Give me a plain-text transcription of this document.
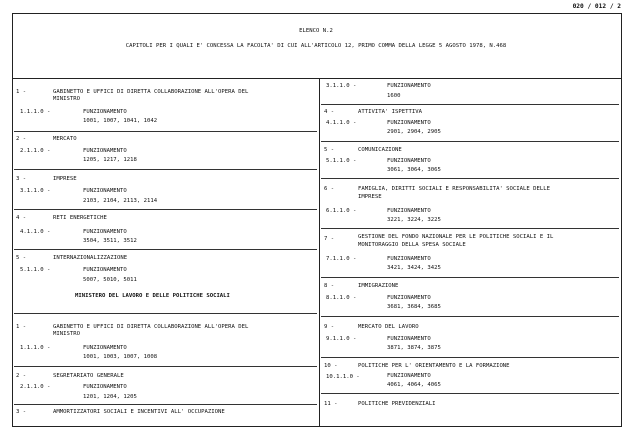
020 / 012 / 2
ELENCO N.2
CAPITOLI PER I QUALI E' CONCESSA LA FACOLTA' DI CUI ALL'ARTICOLO 12, PRIMO COMMA DELLA LEGGE 5 AGOSTO 1978, N.468
1 -	GABINETTO E UFFICI DI DIRETTA COLLABORAZIONE ALL'OPERA DEL
MINISTRO
1.1.1.0 -	FUNZIONAMENTO
1001, 1007, 1041, 1042
2 -	MERCATO
2.1.1.0 -	FUNZIONAMENTO
1205, 1217, 1218
3 -	IMPRESE
3.1.1.0 -	FUNZIONAMENTO
2103, 2104, 2113, 2114
4 -	RETI ENERGETICHE
4.1.1.0 -	FUNZIONAMENTO
3504, 3511, 3512
5 -	INTERNAZIONALIZZAZIONE
5.1.1.0 -	FUNZIONAMENTO
5007, 5010, 5011
MINISTERO DEL LAVORO E DELLE POLITICHE SOCIALI
1 -	GABINETTO E UFFICI DI DIRETTA COLLABORAZIONE ALL'OPERA DEL
MINISTRO
1.1.1.0 -	FUNZIONAMENTO
1001, 1003, 1007, 1008
2 -	SEGRETARIATO GENERALE
2.1.1.0 -	FUNZIONAMENTO
1201, 1204, 1205
3 -	AMMORTIZZATORI SOCIALI E INCENTIVI ALL' OCCUPAZIONE
3.1.1.0 -	FUNZIONAMENTO
1600
4 -	ATTIVITA' ISPETTIVA
4.1.1.0 -	FUNZIONAMENTO
2901, 2904, 2905
5 -	COMUNICAZIONE
5.1.1.0 -	FUNZIONAMENTO
3061, 3064, 3065
6 -	FAMIGLIA, DIRITTI SOCIALI E RESPONSABILITA' SOCIALE DELLE
IMPRESE
6.1.1.0 -	FUNZIONAMENTO
3221, 3224, 3225
7 -	GESTIONE DEL FONDO NAZIONALE PER LE POLITICHE SOCIALI E IL
MONITORAGGIO DELLA SPESA SOCIALE
7.1.1.0 -	FUNZIONAMENTO
3421, 3424, 3425
8 -	IMMIGRAZIONE
8.1.1.0 -	FUNZIONAMENTO
3681, 3684, 3685
9 -	MERCATO DEL LAVORO
9.1.1.0 -	FUNZIONAMENTO
3871, 3874, 3875
10 -	POLITICHE PER L' ORIENTAMENTO E LA FORMAZIONE
10.1.1.0 -	FUNZIONAMENTO
4061, 4064, 4065
11 -	POLITICHE PREVIDENZIALI
